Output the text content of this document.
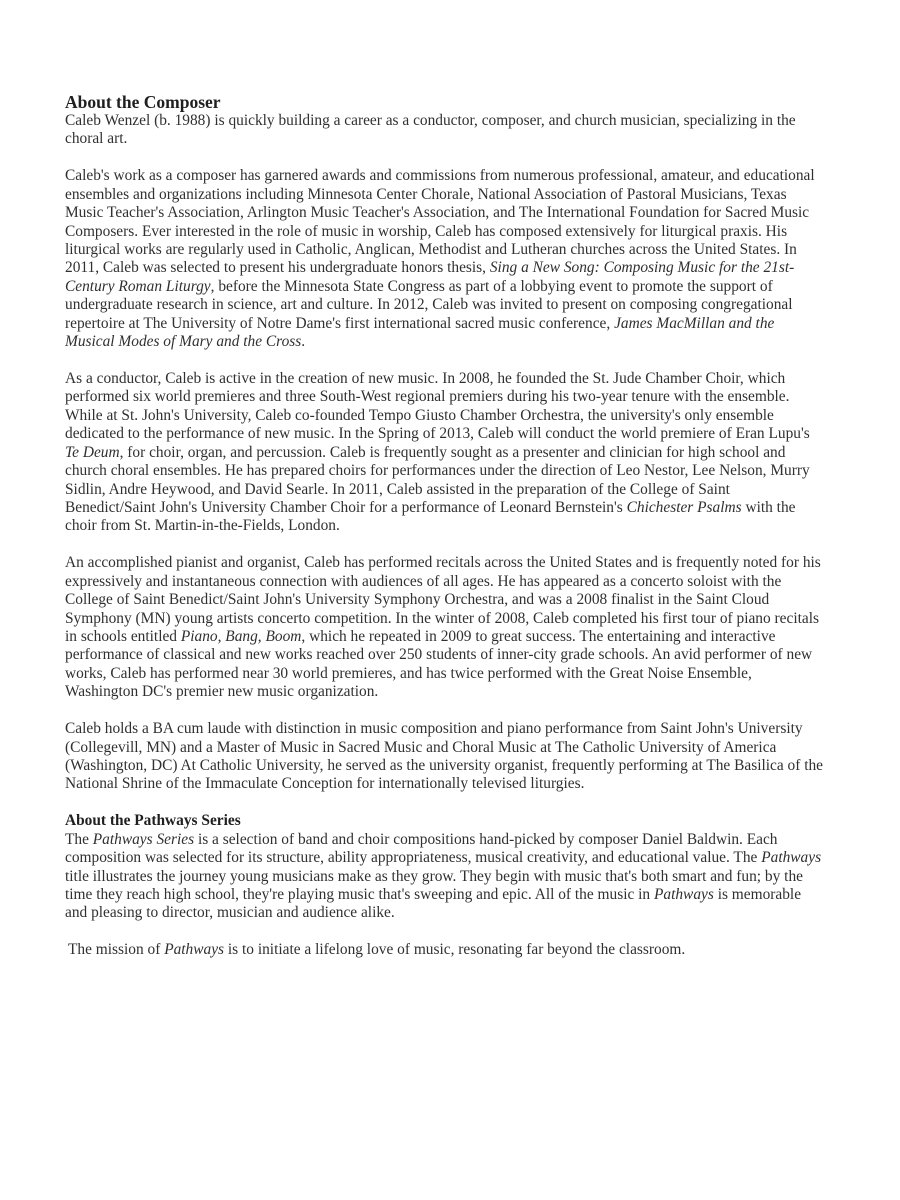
About the Composer

Caleb Wenzel (b. 1988) is quickly building a career as a conductor, composer, and church musician, specializing in the choral art.

Caleb's work as a composer has garnered awards and commissions from numerous professional, amateur, and educational ensembles and organizations including Minnesota Center Chorale, National Association of Pastoral Musicians, Texas Music Teacher's Association, Arlington Music Teacher's Association, and The International Foundation for Sacred Music Composers. Ever interested in the role of music in worship, Caleb has composed extensively for liturgical praxis. His liturgical works are regularly used in Catholic, Anglican, Methodist and Lutheran churches across the United States. In 2011, Caleb was selected to present his undergraduate honors thesis, Sing a New Song: Composing Music for the 21st-Century Roman Liturgy, before the Minnesota State Congress as part of a lobbying event to promote the support of undergraduate research in science, art and culture. In 2012, Caleb was invited to present on composing congregational repertoire at The University of Notre Dame's first international sacred music conference, James MacMillan and the Musical Modes of Mary and the Cross.

As a conductor, Caleb is active in the creation of new music. In 2008, he founded the St. Jude Chamber Choir, which performed six world premieres and three South-West regional premiers during his two-year tenure with the ensemble. While at St. John's University, Caleb co-founded Tempo Giusto Chamber Orchestra, the university's only ensemble dedicated to the performance of new music. In the Spring of 2013, Caleb will conduct the world premiere of Eran Lupu's Te Deum, for choir, organ, and percussion. Caleb is frequently sought as a presenter and clinician for high school and church choral ensembles. He has prepared choirs for performances under the direction of Leo Nestor, Lee Nelson, Murry Sidlin, Andre Heywood, and David Searle. In 2011, Caleb assisted in the preparation of the College of Saint Benedict/Saint John's University Chamber Choir for a performance of Leonard Bernstein's Chichester Psalms with the choir from St. Martin-in-the-Fields, London.

An accomplished pianist and organist, Caleb has performed recitals across the United States and is frequently noted for his expressively and instantaneous connection with audiences of all ages. He has appeared as a concerto soloist with the College of Saint Benedict/Saint John's University Symphony Orchestra, and was a 2008 finalist in the Saint Cloud Symphony (MN) young artists concerto competition. In the winter of 2008, Caleb completed his first tour of piano recitals in schools entitled Piano, Bang, Boom, which he repeated in 2009 to great success. The entertaining and interactive performance of classical and new works reached over 250 students of inner-city grade schools. An avid performer of new works, Caleb has performed near 30 world premieres, and has twice performed with the Great Noise Ensemble, Washington DC's premier new music organization.

Caleb holds a BA cum laude with distinction in music composition and piano performance from Saint John's University (Collegevill, MN) and a Master of Music in Sacred Music and Choral Music at The Catholic University of America (Washington, DC) At Catholic University, he served as the university organist, frequently performing at The Basilica of the National Shrine of the Immaculate Conception for internationally televised liturgies.

About the Pathways Series

The Pathways Series is a selection of band and choir compositions hand-picked by composer Daniel Baldwin. Each composition was selected for its structure, ability appropriateness, musical creativity, and educational value. The Pathways title illustrates the journey young musicians make as they grow. They begin with music that's both smart and fun; by the time they reach high school, they're playing music that's sweeping and epic. All of the music in Pathways is memorable and pleasing to director, musician and audience alike.

The mission of Pathways is to initiate a lifelong love of music, resonating far beyond the classroom.
